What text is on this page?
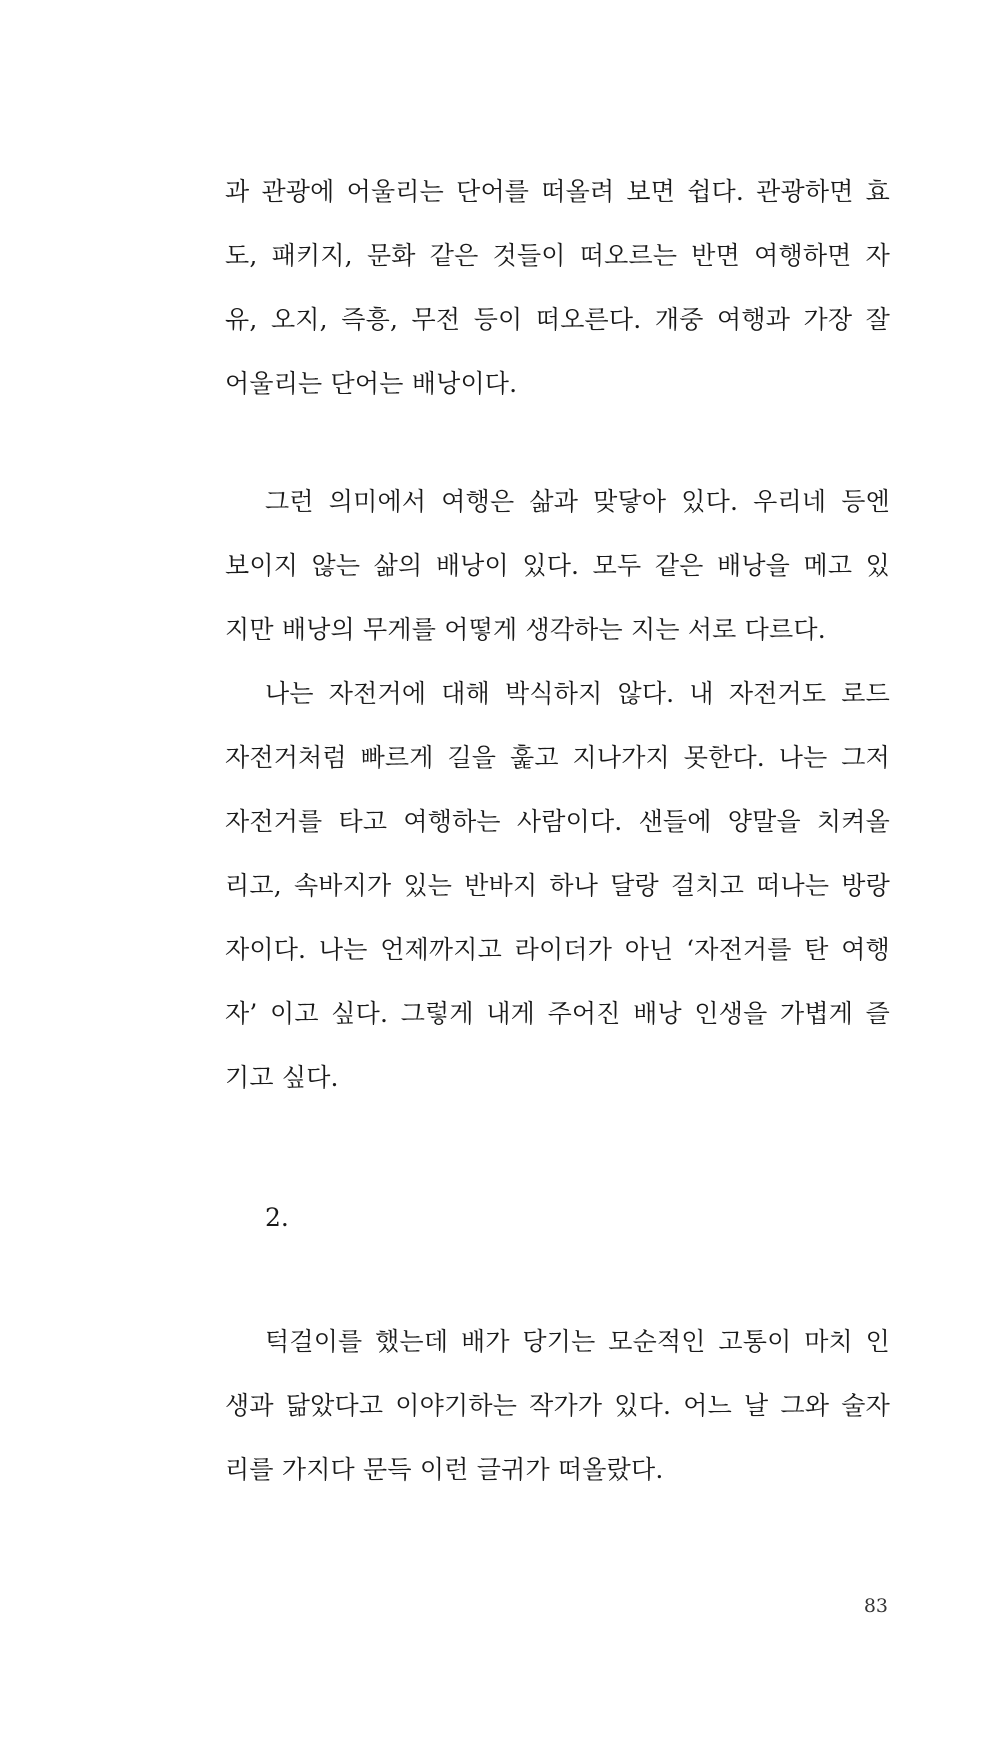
과 관광에 어울리는 단어를 떠올려 보면 쉽다. 관광하면 효
도, 패키지, 문화 같은 것들이 떠오르는 반면 여행하면 자
유, 오지, 즉흥, 무전 등이 떠오른다. 개중 여행과 가장 잘
어울리는 단어는 배낭이다.
그런 의미에서 여행은 삶과 맞닿아 있다. 우리네 등엔
보이지 않는 삶의 배낭이 있다. 모두 같은 배낭을 메고 있
지만 배낭의 무게를 어떻게 생각하는 지는 서로 다르다.
나는 자전거에 대해 박식하지 않다. 내 자전거도 로드
자전거처럼 빠르게 길을 훑고 지나가지 못한다. 나는 그저
자전거를 타고 여행하는 사람이다. 샌들에 양말을 치켜올
리고, 속바지가 있는 반바지 하나 달랑 걸치고 떠나는 방랑
자이다. 나는 언제까지고 라이더가 아닌 ‘자전거를 탄 여행
자’ 이고 싶다. 그렇게 내게 주어진 배낭 인생을 가볍게 즐
기고 싶다.
2.
턱걸이를 했는데 배가 당기는 모순적인 고통이 마치 인
생과 닮았다고 이야기하는 작가가 있다. 어느 날 그와 술자
리를 가지다 문득 이런 글귀가 떠올랐다.
83
